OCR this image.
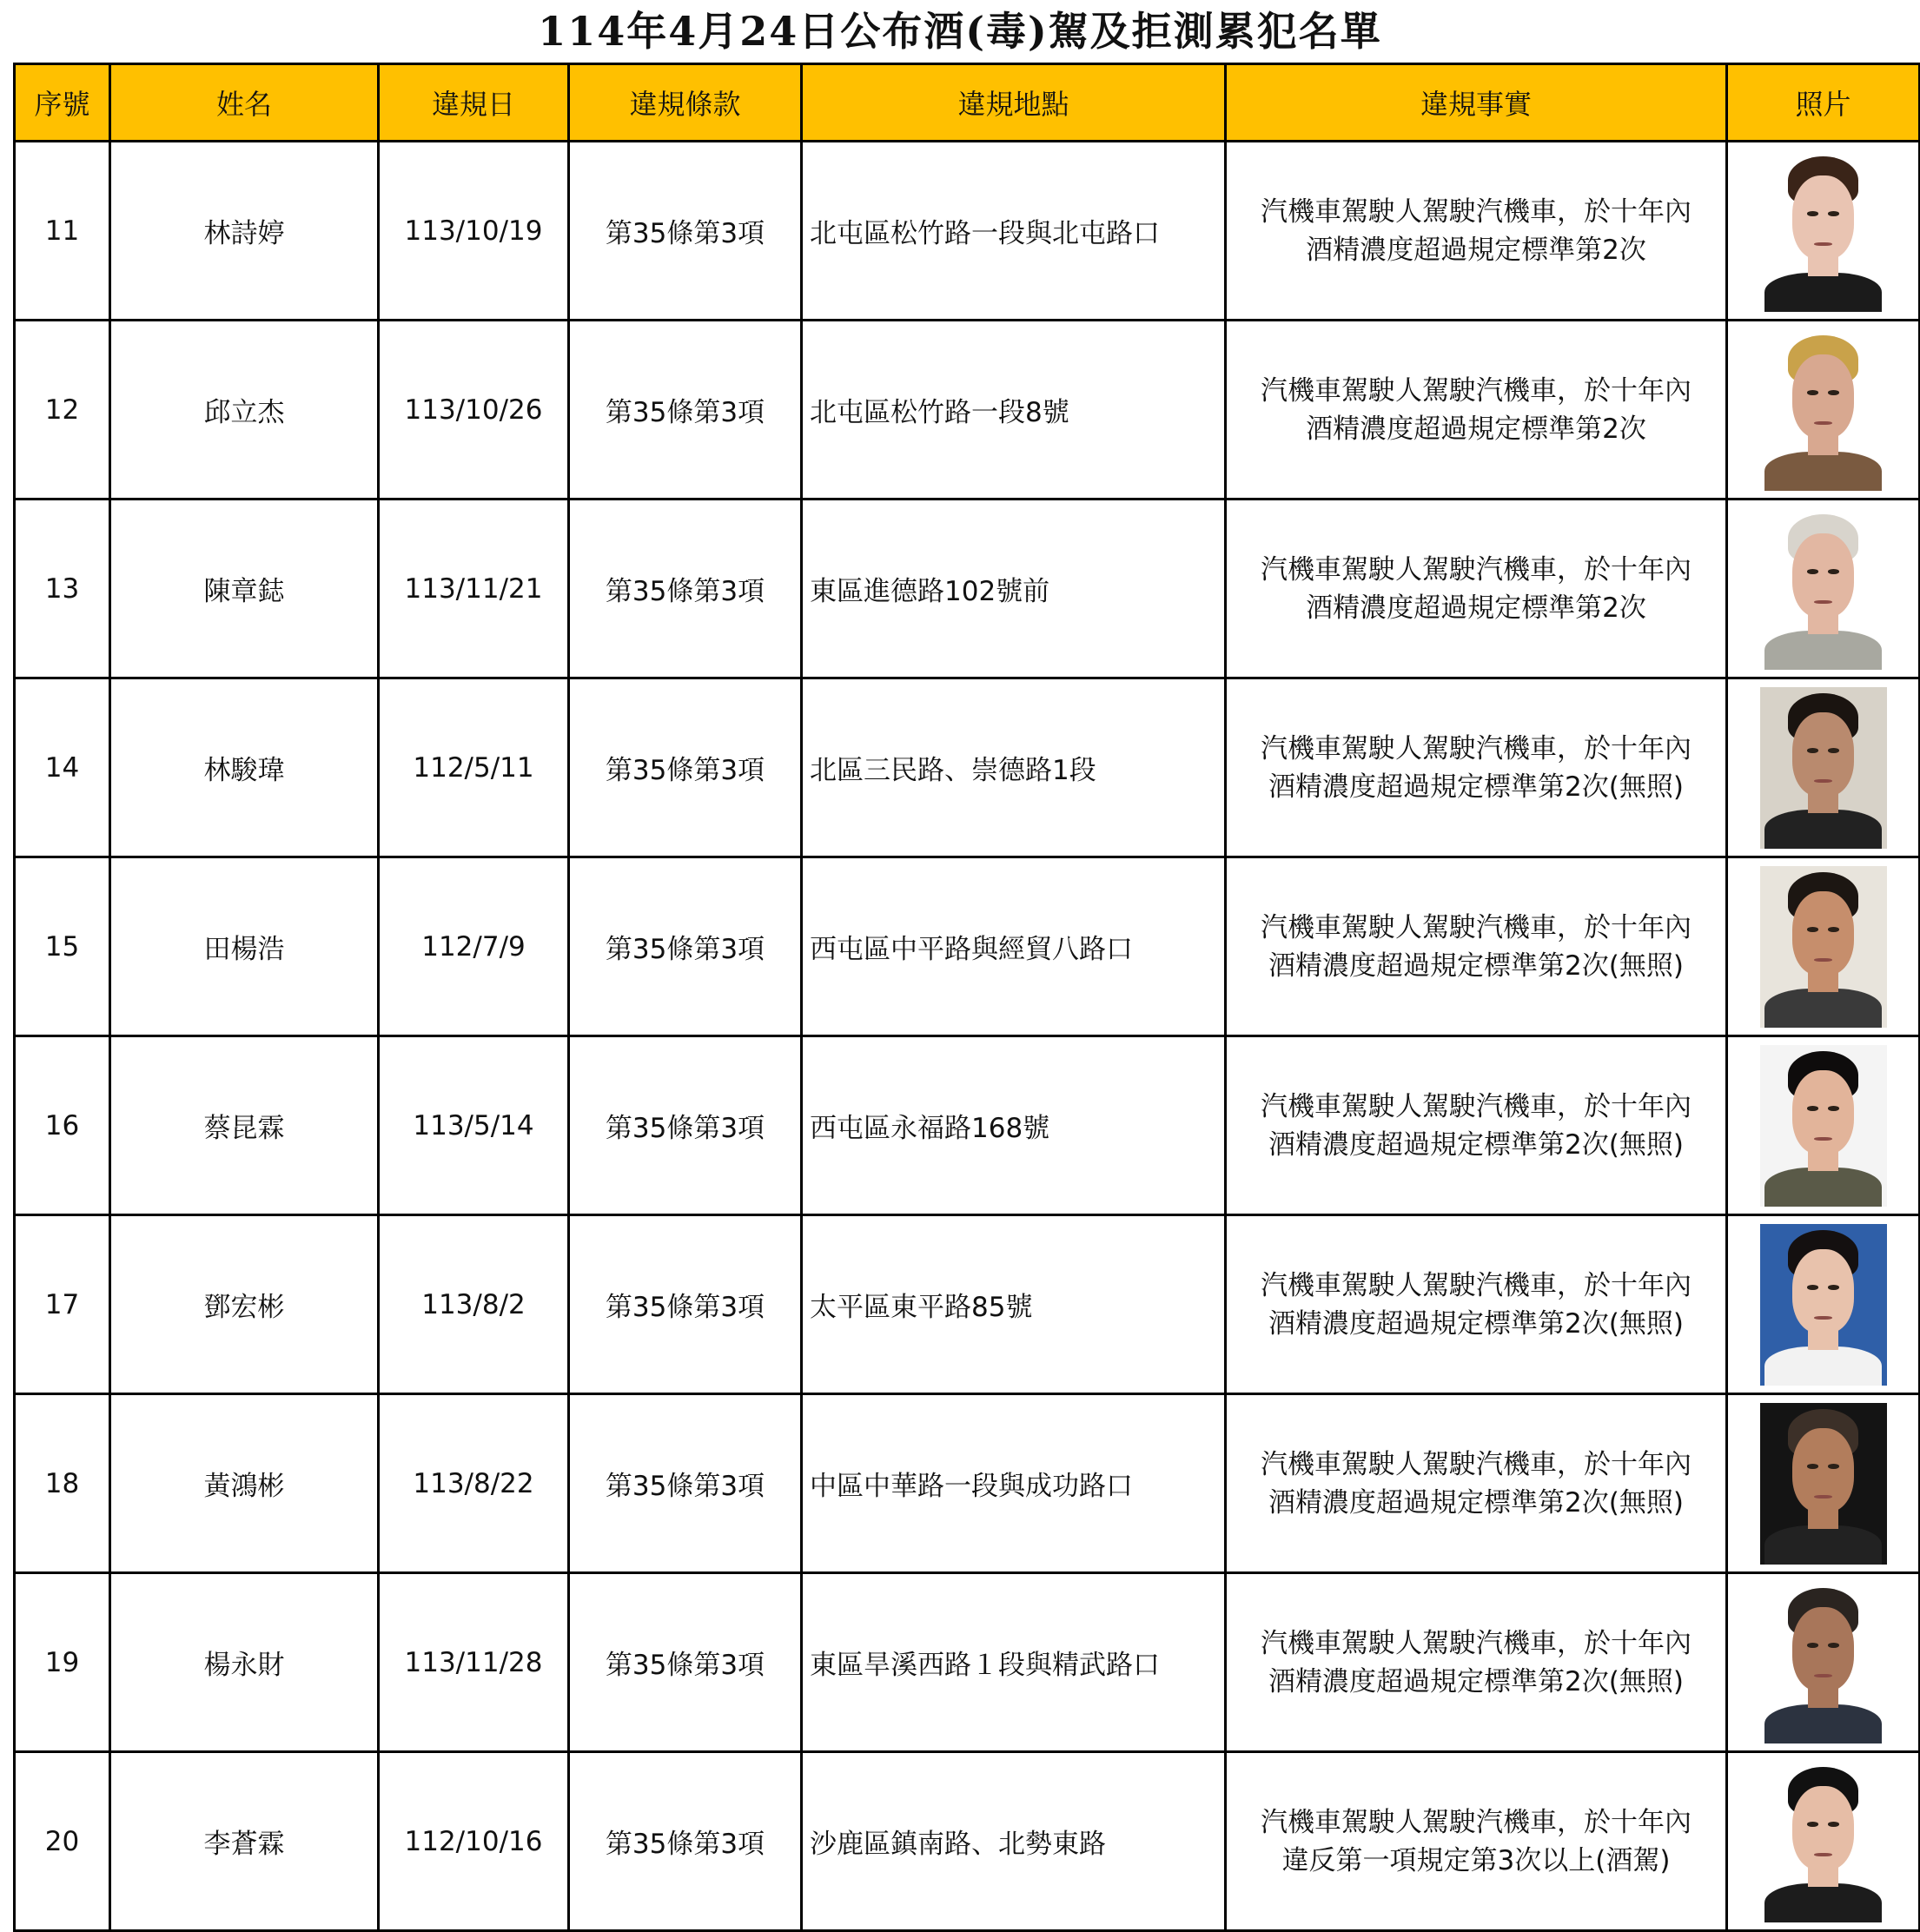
114年4月24日公布酒(毒)駕及拒測累犯名單
序號	姓名	違規日	違規條款	違規地點	違規事實	照片
11	林詩婷	113/10/19	第35條第3項	北屯區松竹路一段與北屯路口	汽機車駕駛人駕駛汽機車，於十年內
酒精濃度超過規定標準第2次	

12	邱立杰	113/10/26	第35條第3項	北屯區松竹路一段8號	汽機車駕駛人駕駛汽機車，於十年內
酒精濃度超過規定標準第2次	

13	陳章鋕	113/11/21	第35條第3項	東區進德路102號前	汽機車駕駛人駕駛汽機車，於十年內
酒精濃度超過規定標準第2次	

14	林駿瑋	112/5/11	第35條第3項	北區三民路、崇德路1段	汽機車駕駛人駕駛汽機車，於十年內
酒精濃度超過規定標準第2次(無照)	

15	田楊浩	112/7/9	第35條第3項	西屯區中平路與經貿八路口	汽機車駕駛人駕駛汽機車，於十年內
酒精濃度超過規定標準第2次(無照)	

16	蔡昆霖	113/5/14	第35條第3項	西屯區永福路168號	汽機車駕駛人駕駛汽機車，於十年內
酒精濃度超過規定標準第2次(無照)	

17	鄧宏彬	113/8/2	第35條第3項	太平區東平路85號	汽機車駕駛人駕駛汽機車，於十年內
酒精濃度超過規定標準第2次(無照)	

18	黃鴻彬	113/8/22	第35條第3項	中區中華路一段與成功路口	汽機車駕駛人駕駛汽機車，於十年內
酒精濃度超過規定標準第2次(無照)	

19	楊永財	113/11/28	第35條第3項	東區旱溪西路１段與精武路口	汽機車駕駛人駕駛汽機車，於十年內
酒精濃度超過規定標準第2次(無照)	

20	李蒼霖	112/10/16	第35條第3項	沙鹿區鎮南路、北勢東路	汽機車駕駛人駕駛汽機車，於十年內
違反第一項規定第3次以上(酒駕)	
